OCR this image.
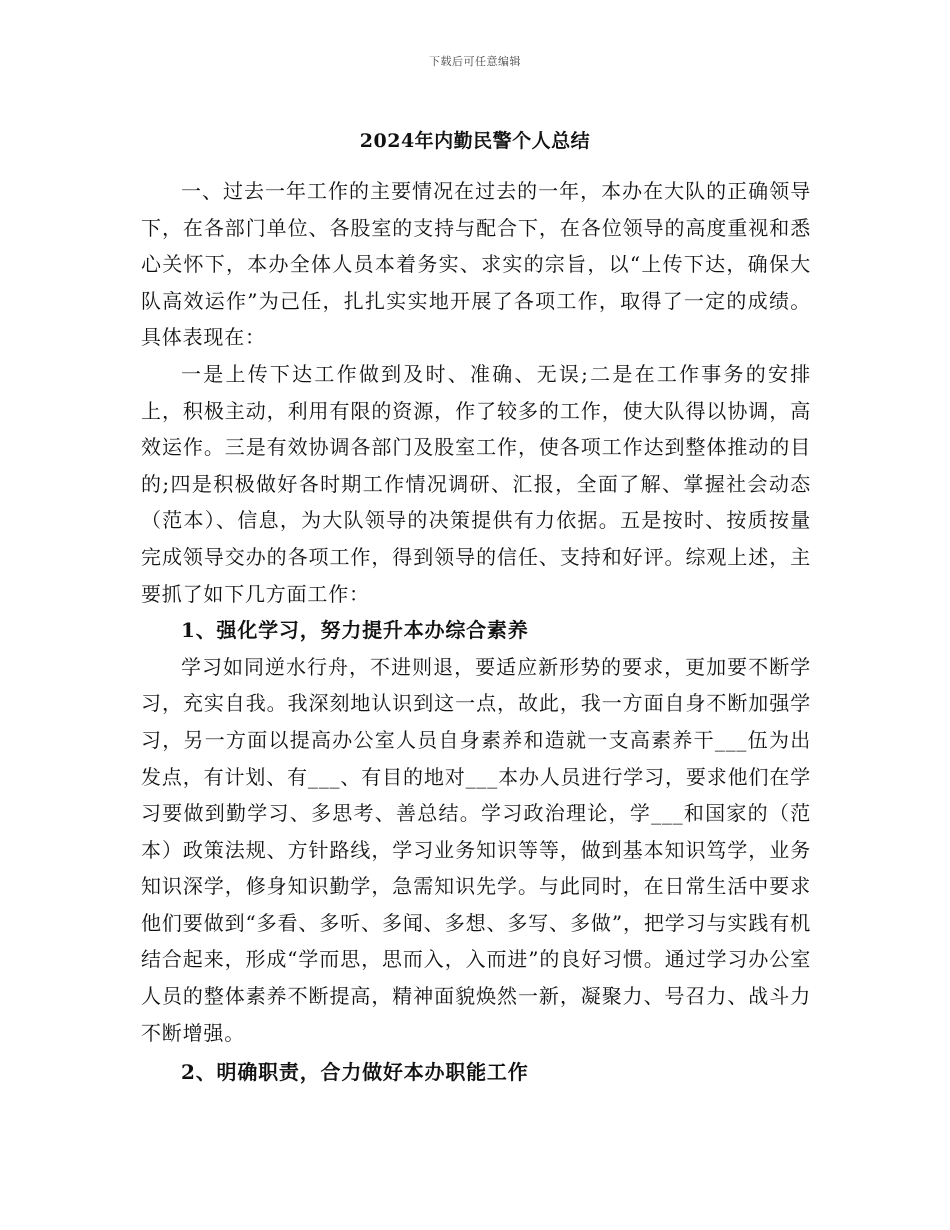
下载后可任意编辑
2024年内勤民警个人总结

一、过去一年工作的主要情况在过去的一年，本办在大队的正确领导下，在各部门单位、各股室的支持与配合下，在各位领导的高度重视和悉心关怀下，本办全体人员本着务实、求实的宗旨，以“上传下达，确保大队高效运作”为己任，扎扎实实地开展了各项工作，取得了一定的成绩。具体表现在：

一是上传下达工作做到及时、准确、无误;二是在工作事务的安排上，积极主动，利用有限的资源，作了较多的工作，使大队得以协调，高效运作。三是有效协调各部门及股室工作，使各项工作达到整体推动的目的;四是积极做好各时期工作情况调研、汇报，全面了解、掌握社会动态（范本）、信息，为大队领导的决策提供有力依据。五是按时、按质按量完成领导交办的各项工作，得到领导的信任、支持和好评。综观上述，主要抓了如下几方面工作：

1、强化学习，努力提升本办综合素养

学习如同逆水行舟，不进则退，要适应新形势的要求，更加要不断学习，充实自我。我深刻地认识到这一点，故此，我一方面自身不断加强学习，另一方面以提高办公室人员自身素养和造就一支高素养干___伍为出发点，有计划、有___、有目的地对___本办人员进行学习，要求他们在学习要做到勤学习、多思考、善总结。学习政治理论，学___和国家的（范本）政策法规、方针路线，学习业务知识等等，做到基本知识笃学，业务知识深学，修身知识勤学，急需知识先学。与此同时，在日常生活中要求他们要做到“多看、多听、多闻、多想、多写、多做”，把学习与实践有机结合起来，形成“学而思，思而入，入而进”的良好习惯。通过学习办公室人员的整体素养不断提高，精神面貌焕然一新，凝聚力、号召力、战斗力不断增强。

2、明确职责，合力做好本办职能工作
